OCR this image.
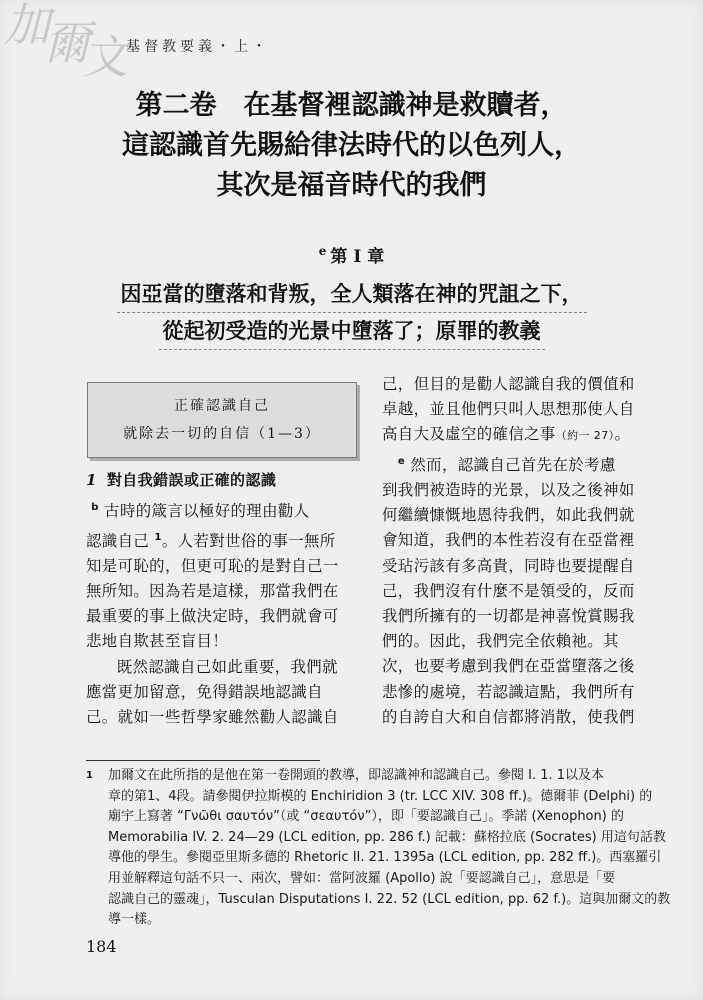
加
爾
文 基督教要義・上・
第二卷　在基督裡認識神是救贖者，
這認識首先賜給律法時代的以色列人，
其次是福音時代的我們
$^e$ 第 I 章
因亞當的墮落和背叛，全人類落在神的咒詛之下，
從起初受造的光景中墮落了；原罪的教義
正確認識自己
就除去一切的自信（1—3）
1 對自我錯誤或正確的認識
$^b$ 古時的箴言以極好的理由勸人
認識自己 $^1$。人若對世俗的事一無所
知是可恥的，但更可恥的是對自己一
無所知。因為若是這樣，那當我們在
最重要的事上做決定時，我們就會可
悲地自欺甚至盲目！
既然認識自己如此重要，我們就
應當更加留意，免得錯誤地認識自
己。就如一些哲學家雖然勸人認識自
己，但目的是勸人認識自我的價值和
卓越，並且他們只叫人思想那使人自
高自大及虛空的確信之事（約一 27）。
$^e$ 然而，認識自己首先在於考慮
到我們被造時的光景，以及之後神如
何繼續慷慨地恩待我們，如此我們就
會知道，我們的本性若沒有在亞當裡
受玷污該有多高貴，同時也要提醒自
己，我們沒有什麼不是領受的，反而
我們所擁有的一切都是神喜悅賞賜我
們的。因此，我們完全依賴祂。其
次，也要考慮到我們在亞當墮落之後
悲慘的處境，若認識這點，我們所有
的自誇自大和自信都將消散，使我們
1 加爾文在此所指的是他在第一卷開頭的教導，即認識神和認識自己。參閱 I. 1. 1以及本
章的第1、4段。請參閱伊拉斯模的 Enchiridion 3 (tr. LCC XIV. 308 ff.)。德爾菲 (Delphi) 的
廟宇上寫著 “Γνῶθι σαυτόν”（或 “σεαυτόν”），即「要認識自己」。季諾 (Xenophon) 的
Memorabilia IV. 2. 24—29 (LCL edition, pp. 286 f.) 記載：蘇格拉底 (Socrates) 用這句話教
導他的學生。參閱亞里斯多德的 Rhetoric II. 21. 1395a (LCL edition, pp. 282 ff.)。西塞羅引
用並解釋這句話不只一、兩次，譬如：當阿波羅 (Apollo) 說「要認識自己」，意思是「要
認識自己的靈魂」，Tusculan Disputations I. 22. 52 (LCL edition, pp. 62 f.)。這與加爾文的教
導一樣。
184
